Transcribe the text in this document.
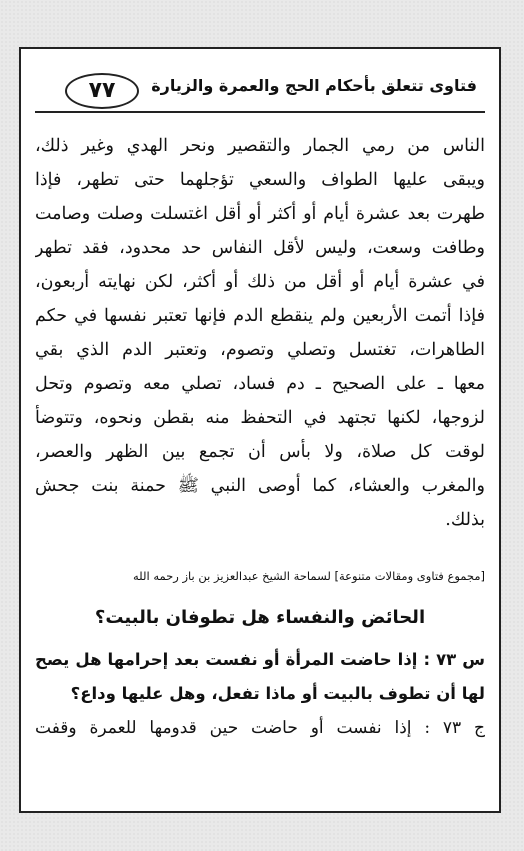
٧٧	فتاوى تتعلق بأحكام الحج والعمرة والزيارة
الناس من رمي الجمار والتقصير ونحر الهدي وغير ذلك،
ويبقى عليها الطواف والسعي تؤجلهما حتى تطهر، فإذا
طهرت بعد عشرة أيام أو أكثر أو أقل اغتسلت وصلت وصامت
وطافت وسعت، وليس لأقل النفاس حد محدود، فقد تطهر
في عشرة أيام أو أقل من ذلك أو أكثر، لكن نهايته أربعون،
فإذا أتمت الأربعين ولم ينقطع الدم فإنها تعتبر نفسها في حكم
الطاهرات، تغتسل وتصلي وتصوم، وتعتبر الدم الذي بقي
معها ـ على الصحيح ـ دم فساد، تصلي معه وتصوم وتحل
لزوجها، لكنها تجتهد في التحفظ منه بقطن ونحوه، وتتوضأ
لوقت كل صلاة، ولا بأس أن تجمع بين الظهر والعصر،
والمغرب والعشاء، كما أوصى النبي ﷺ حمنة بنت جحش
بذلك.
[مجموع فتاوى ومقالات متنوعة] لسماحة الشيخ عبدالعزيز بن باز رحمه الله
الحائض والنفساء هل تطوفان بالبيت؟
س ٧٣ : إذا حاضت المرأة أو نفست بعد إحرامها هل يصح
لها أن تطوف بالبيت أو ماذا تفعل، وهل عليها وداع؟
ج ٧٣ : إذا نفست أو حاضت حين قدومها للعمرة وقفت
